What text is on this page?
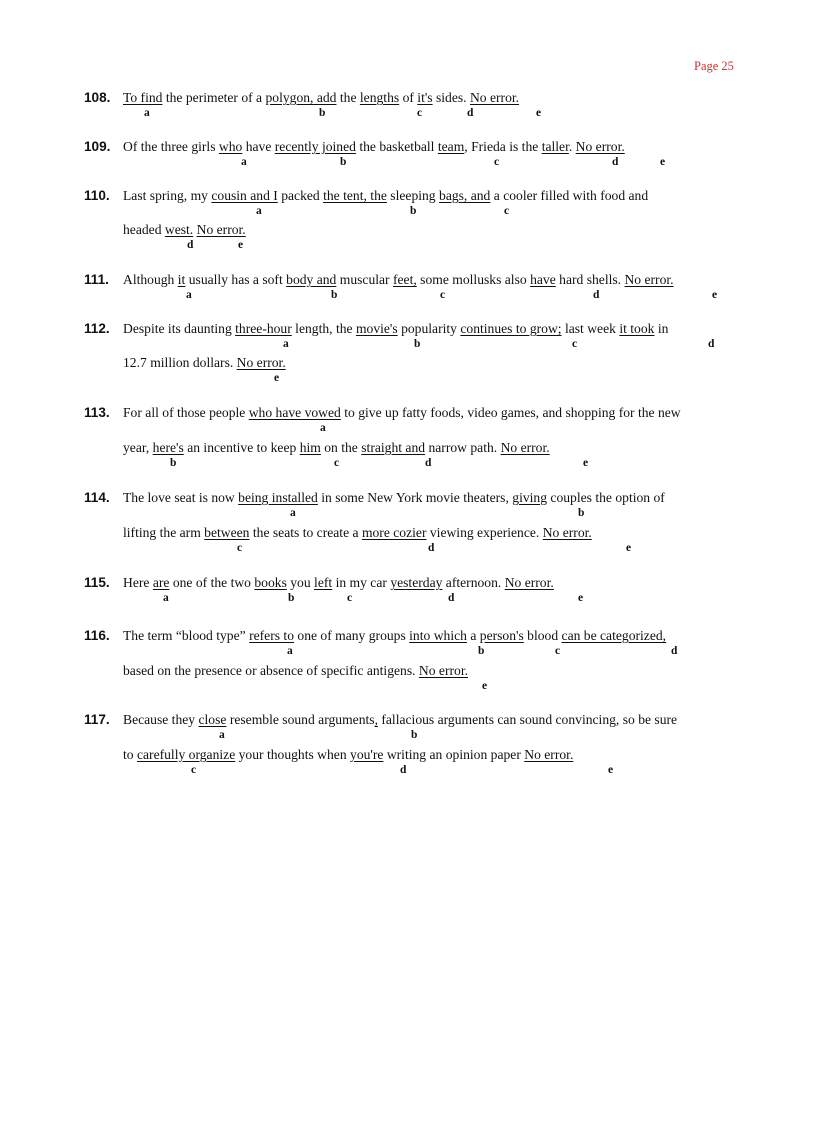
Page 25
108. To find the perimeter of a polygon, add the lengths of it's sides. No error.
a	b	c	d	e
109. Of the three girls who have recently joined the basketball team, Frieda is the taller. No error.
a	b	c	d	e
110. Last spring, my cousin and I packed the tent, the sleeping bags, and a cooler filled with food and
headed west. No error.
a	b	c
d	e
111. Although it usually has a soft body and muscular feet, some mollusks also have hard shells. No error.
a	b	c	d	e
112. Despite its daunting three-hour length, the movie's popularity continues to grow; last week it took in
12.7 million dollars. No error.
a	b	c	d
e
113. For all of those people who have vowed to give up fatty foods, video games, and shopping for the new
year, here's an incentive to keep him on the straight and narrow path. No error.
a
b	c	d	e
114. The love seat is now being installed in some New York movie theaters, giving couples the option of
lifting the arm between the seats to create a more cozier viewing experience. No error.
a	b
c	d	e
115. Here are one of the two books you left in my car yesterday afternoon. No error.
a	b	c	d	e
116. The term “blood type” refers to one of many groups into which a person's blood can be categorized,
based on the presence or absence of specific antigens. No error.
a	b	c	d
e
117. Because they close resemble sound arguments, fallacious arguments can sound convincing, so be sure
to carefully organize your thoughts when you're writing an opinion paper No error.
a	b
c	d	e
